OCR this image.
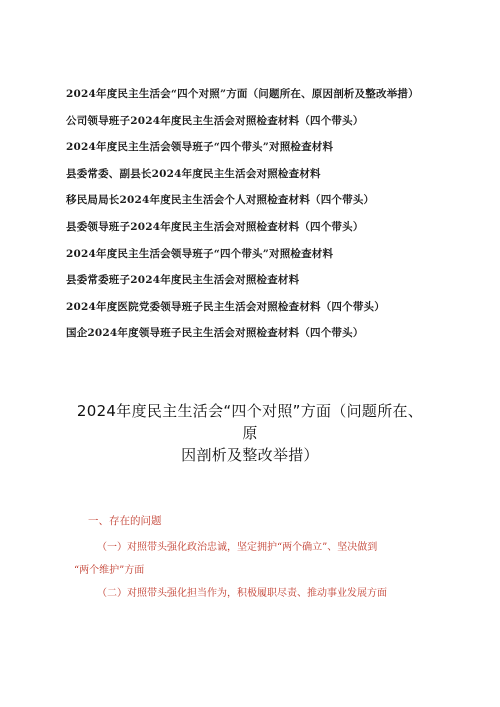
2024年度民主生活会“四个对照”方面（问题所在、原因剖析及整改举措）
公司领导班子2024年度民主生活会对照检查材料（四个带头）
2024年度民主生活会领导班子“四个带头”对照检查材料
县委常委、副县长2024年度民主生活会对照检查材料
移民局局长2024年度民主生活会个人对照检查材料（四个带头）
县委领导班子2024年度民主生活会对照检查材料（四个带头）
2024年度民主生活会领导班子“四个带头”对照检查材料
县委常委班子2024年度民主生活会对照检查材料
2024年度医院党委领导班子民主生活会对照检查材料（四个带头）
国企2024年度领导班子民主生活会对照检查材料（四个带头）
2024年度民主生活会“四个对照”方面（问题所在、原
因剖析及整改举措）
一、存在的问题
（一）对照带头强化政治忠诚，坚定拥护“两个确立”、坚决做到
“两个维护”方面
（二）对照带头强化担当作为，积极履职尽责、推动事业发展方面
